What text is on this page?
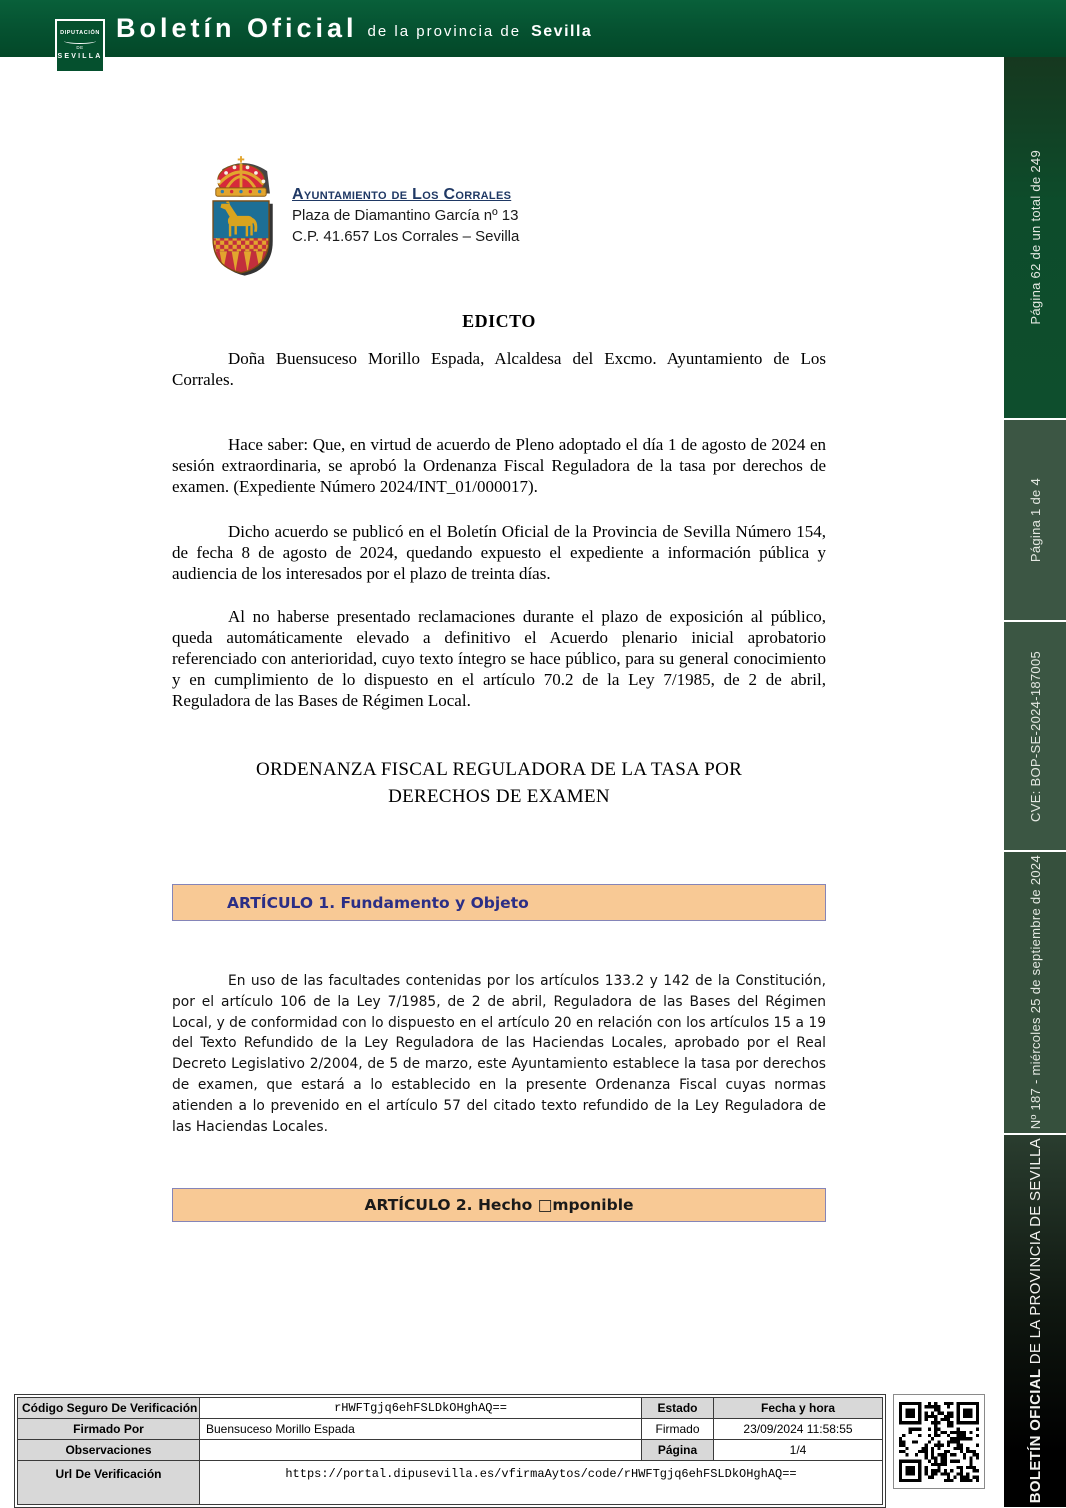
DIPUTACIÓN
DE
SEVILLA
Boletín Oficial de la provincia de Sevilla
Página 62 de un total de 249
Página 1 de 4
CVE: BOP-SE-2024-187005
Nº 187 - miércoles 25 de septiembre de 2024
BOLETÍN OFICIAL DE LA PROVINCIA DE SEVILLA
Ayuntamiento de Los Corrales
Plaza de Diamantino García nº 13
C.P. 41.657 Los Corrales – Sevilla
EDICTO

Doña Buensuceso Morillo Espada, Alcaldesa del Excmo. Ayuntamiento de Los Corrales.

Hace saber: Que, en virtud de acuerdo de Pleno adoptado el día 1 de agosto de 2024 en sesión extraordinaria, se aprobó la Ordenanza Fiscal Reguladora de la tasa por derechos de examen. (Expediente Número 2024/INT_01/000017).

Dicho acuerdo se publicó en el Boletín Oficial de la Provincia de Sevilla Número 154, de fecha 8 de agosto de 2024, quedando expuesto el expediente a información pública y audiencia de los interesados por el plazo de treinta días.

Al no haberse presentado reclamaciones durante el plazo de exposición al público, queda automáticamente elevado a definitivo el Acuerdo plenario inicial aprobatorio referenciado con anterioridad, cuyo texto íntegro se hace público, para su general conocimiento y en cumplimiento de lo dispuesto en el artículo 70.2 de la Ley 7/1985, de 2 de abril, Reguladora de las Bases de Régimen Local.

ORDENANZA FISCAL REGULADORA DE LA TASA POR
DERECHOS DE EXAMEN
ARTÍCULO 1. Fundamento y Objeto

En uso de las facultades contenidas por los artículos 133.2 y 142 de la Constitución, por el artículo 106 de la Ley 7/1985, de 2 de abril, Reguladora de las Bases del Régimen Local, y de conformidad con lo dispuesto en el artículo 20 en relación con los artículos 15 a 19 del Texto Refundido de la Ley Reguladora de las Haciendas Locales, aprobado por el Real Decreto Legislativo 2/2004, de 5 de marzo, este Ayuntamiento establece la tasa por derechos de examen, que estará a lo establecido en la presente Ordenanza Fiscal cuyas normas atienden a lo prevenido en el artículo 57 del citado texto refundido de la Ley Reguladora de las Haciendas Locales.

ARTÍCULO 2. Hecho □mponible
Código Seguro De Verificación	rHWFTgjq6ehFSLDkOHghAQ==	Estado	Fecha y hora
Firmado Por	Buensuceso Morillo Espada	Firmado	23/09/2024 11:58:55
Observaciones		Página	1/4
Url De Verificación	https://portal.dipusevilla.es/vfirmaAytos/code/rHWFTgjq6ehFSLDkOHghAQ==		
